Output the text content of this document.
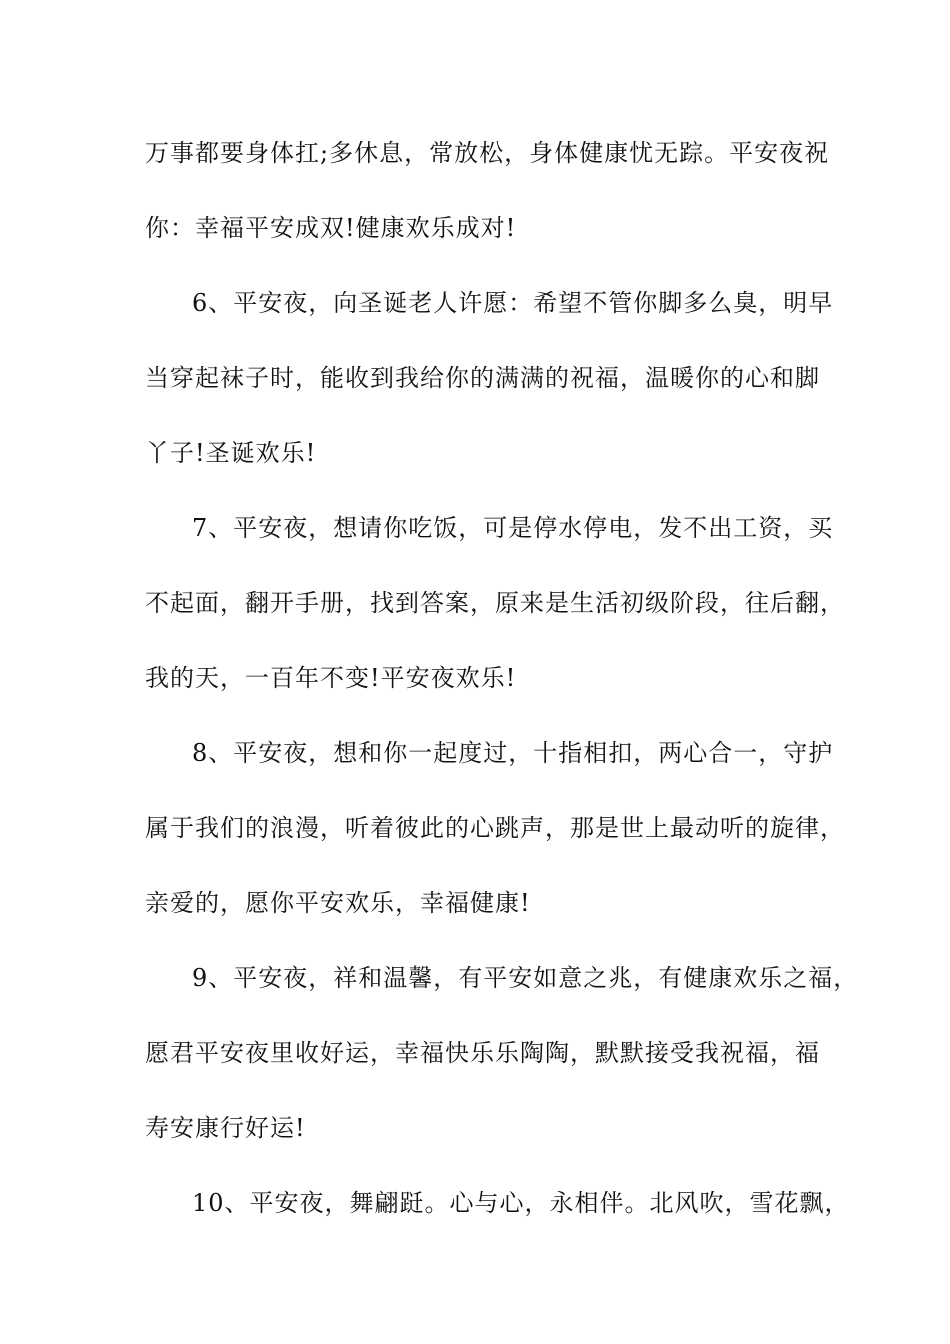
万事都要身体扛;多休息，常放松，身体健康忧无踪。平安夜祝
你：幸福平安成双!健康欢乐成对!
6、平安夜，向圣诞老人许愿：希望不管你脚多么臭，明早
当穿起袜子时，能收到我给你的满满的祝福，温暖你的心和脚
丫子!圣诞欢乐!
7、平安夜，想请你吃饭，可是停水停电，发不出工资，买
不起面，翻开手册，找到答案，原来是生活初级阶段，往后翻，
我的天，一百年不变!平安夜欢乐!
8、平安夜，想和你一起度过，十指相扣，两心合一，守护
属于我们的浪漫，听着彼此的心跳声，那是世上最动听的旋律，
亲爱的，愿你平安欢乐，幸福健康!
9、平安夜，祥和温馨，有平安如意之兆，有健康欢乐之福，
愿君平安夜里收好运，幸福快乐乐陶陶，默默接受我祝福，福
寿安康行好运!
10、平安夜，舞翩跹。心与心，永相伴。北风吹，雪花飘，
